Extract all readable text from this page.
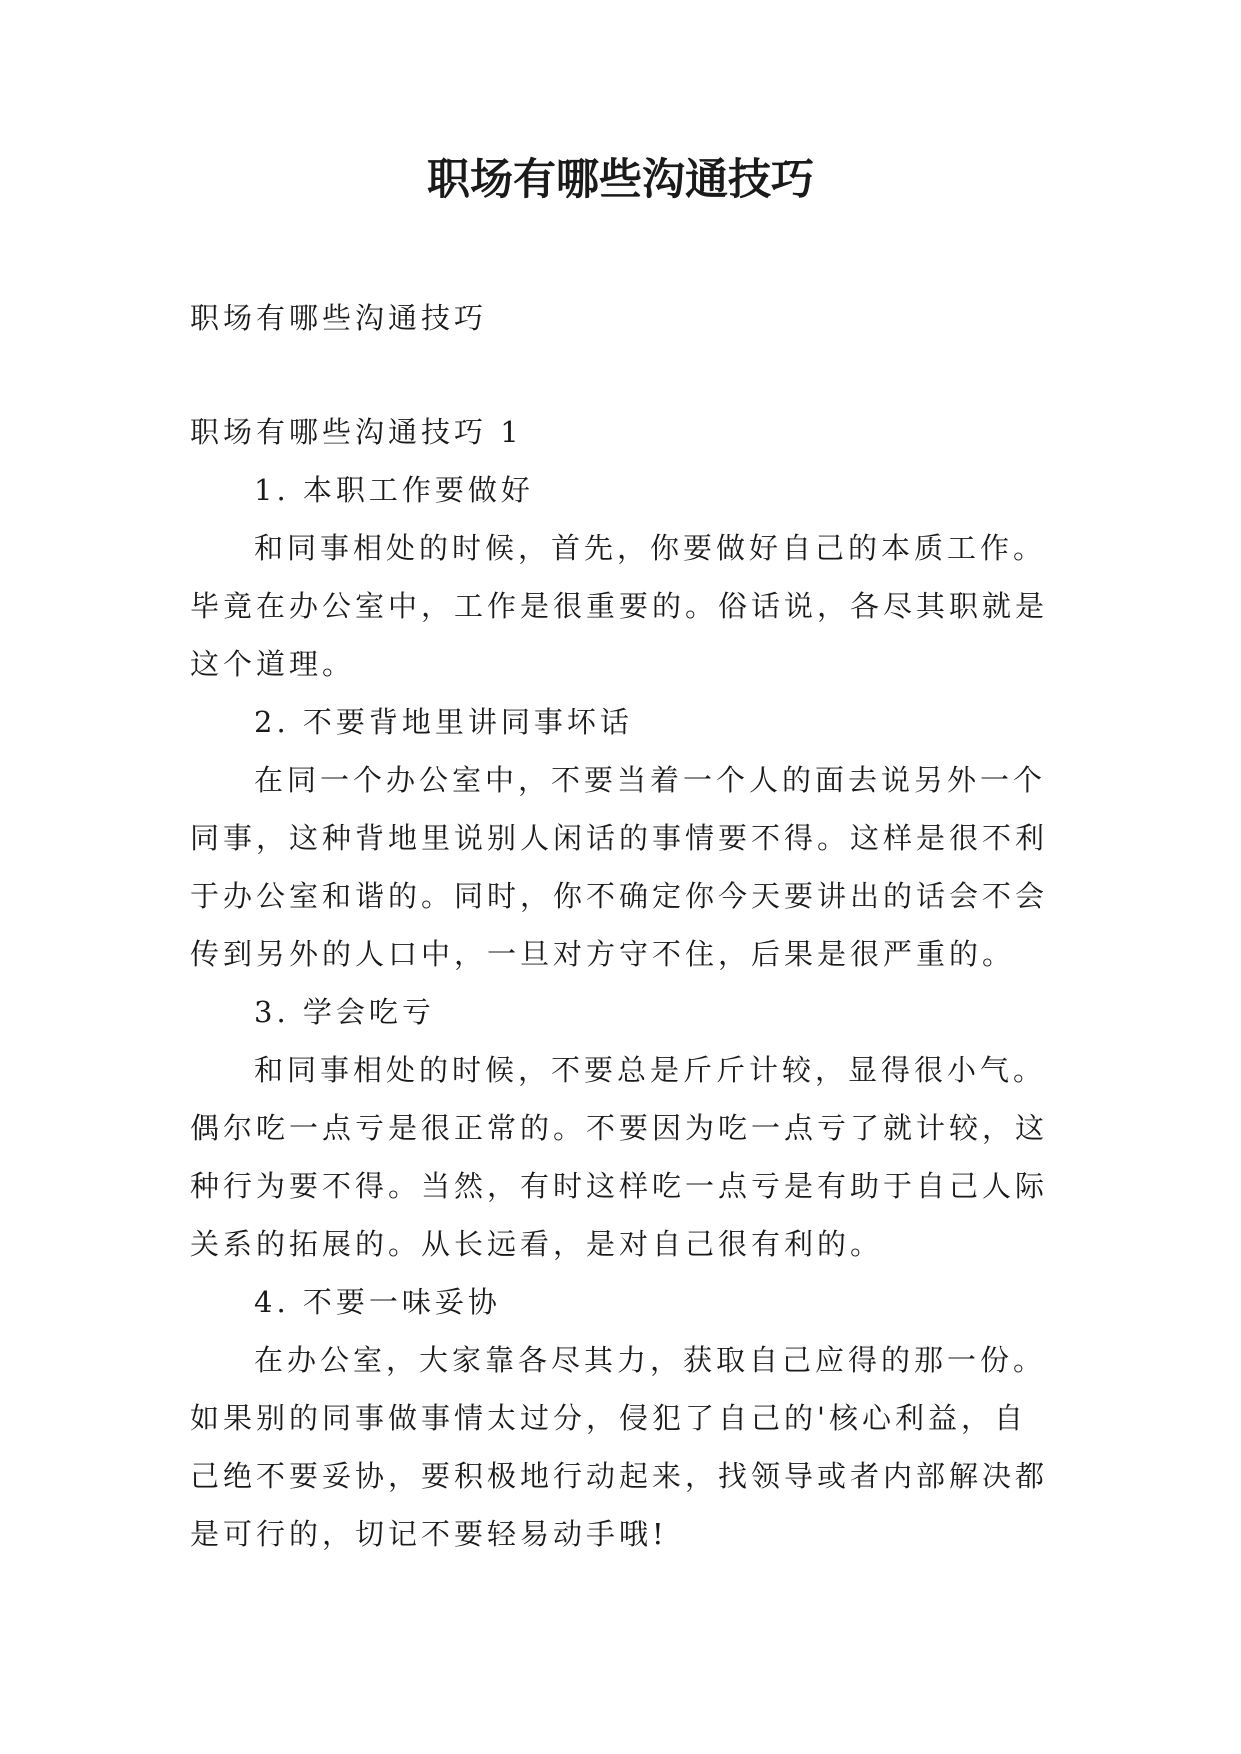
职场有哪些沟通技巧

职场有哪些沟通技巧

职场有哪些沟通技巧 1

1. 本职工作要做好

和同事相处的时候，首先，你要做好自己的本质工作。毕竟在办公室中，工作是很重要的。俗话说，各尽其职就是这个道理。

2. 不要背地里讲同事坏话

在同一个办公室中，不要当着一个人的面去说另外一个同事，这种背地里说别人闲话的事情要不得。这样是很不利于办公室和谐的。同时，你不确定你今天要讲出的话会不会传到另外的人口中，一旦对方守不住，后果是很严重的。

3. 学会吃亏

和同事相处的时候，不要总是斤斤计较，显得很小气。偶尔吃一点亏是很正常的。不要因为吃一点亏了就计较，这种行为要不得。当然，有时这样吃一点亏是有助于自己人际关系的拓展的。从长远看，是对自己很有利的。

4. 不要一味妥协

在办公室，大家靠各尽其力，获取自己应得的那一份。如果别的同事做事情太过分，侵犯了自己的'核心利益，自己绝不要妥协，要积极地行动起来，找领导或者内部解决都是可行的，切记不要轻易动手哦!
